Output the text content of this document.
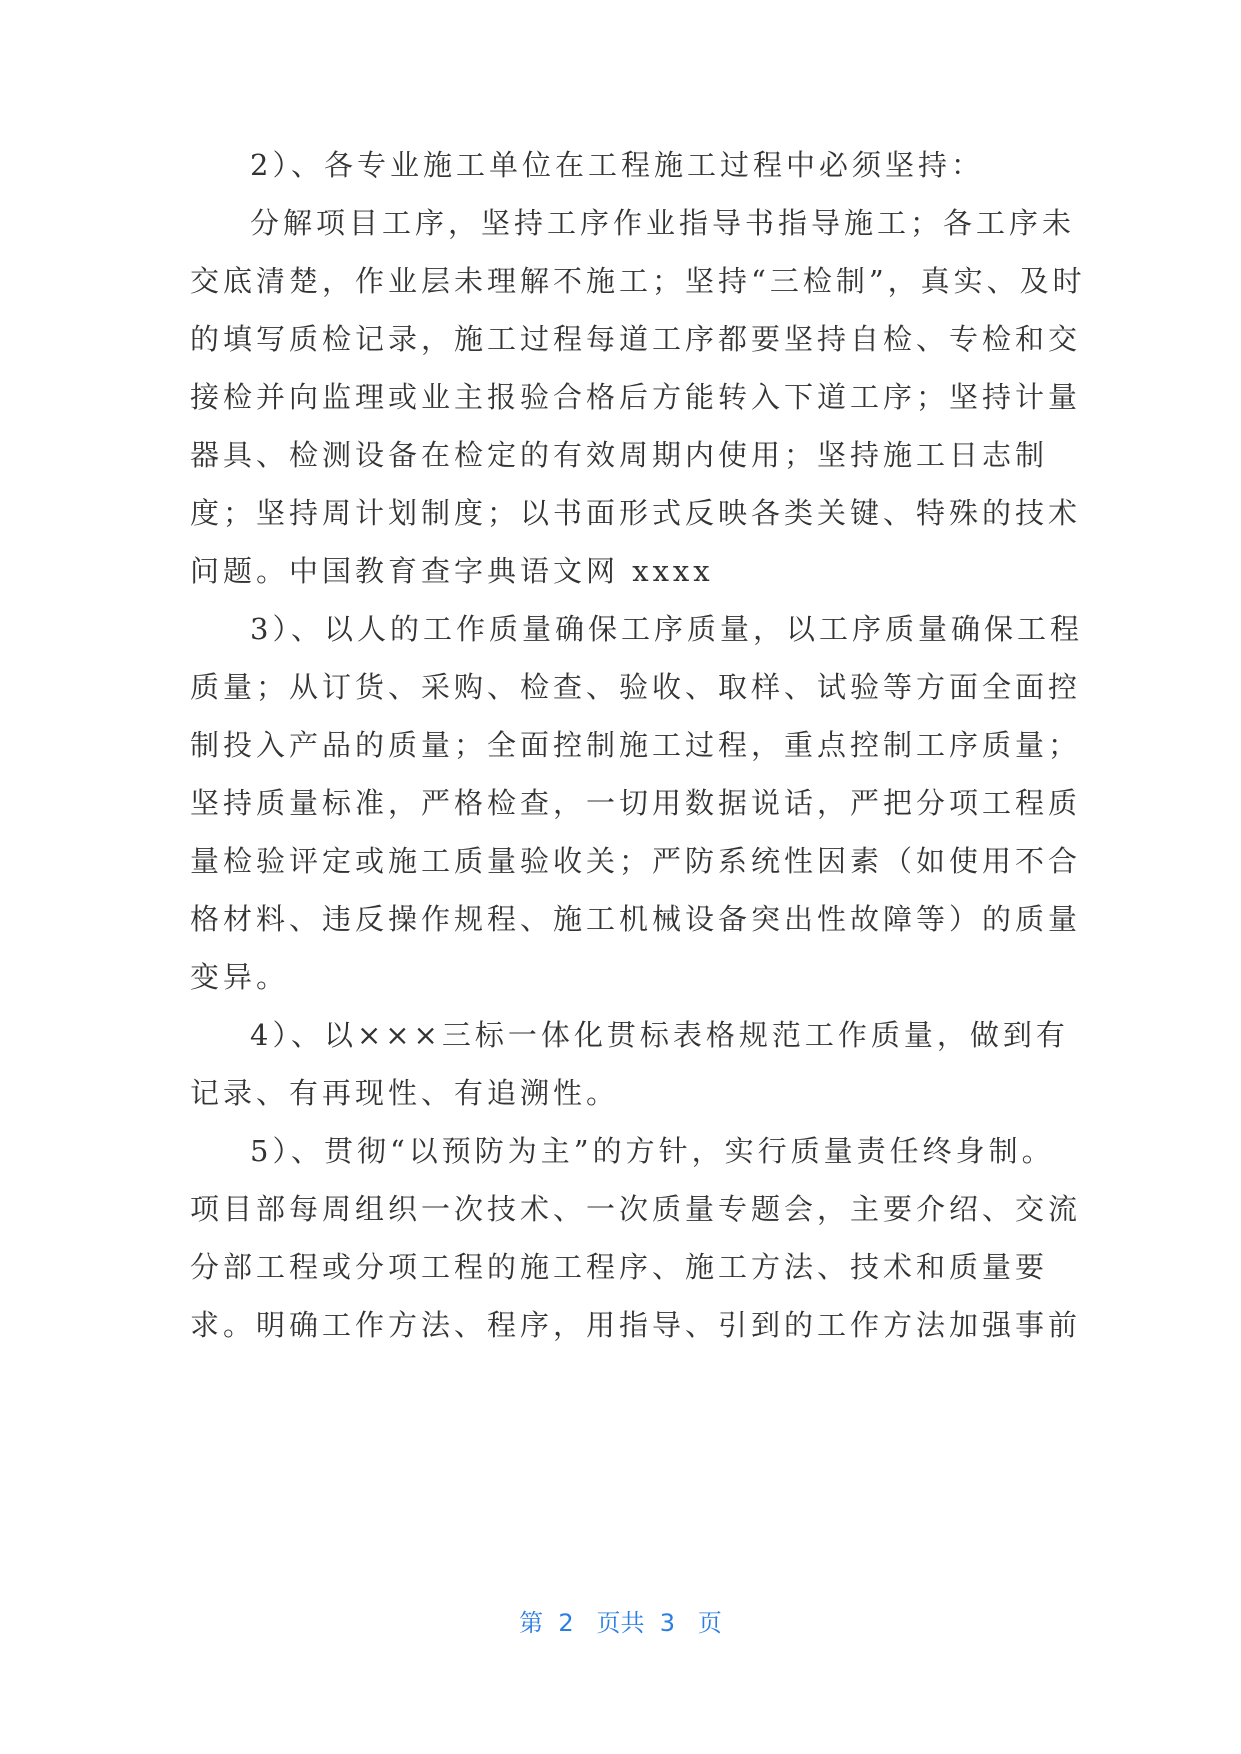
2）、各专业施工单位在工程施工过程中必须坚持：
分解项目工序，坚持工序作业指导书指导施工；各工序未
交底清楚，作业层未理解不施工；坚持“三检制”，真实、及时
的填写质检记录，施工过程每道工序都要坚持自检、专检和交
接检并向监理或业主报验合格后方能转入下道工序；坚持计量
器具、检测设备在检定的有效周期内使用；坚持施工日志制
度；坚持周计划制度；以书面形式反映各类关键、特殊的技术
问题。中国教育查字典语文网 xxxx
3）、以人的工作质量确保工序质量，以工序质量确保工程
质量；从订货、采购、检查、验收、取样、试验等方面全面控
制投入产品的质量；全面控制施工过程，重点控制工序质量；
坚持质量标准，严格检查，一切用数据说话，严把分项工程质
量检验评定或施工质量验收关；严防系统性因素（如使用不合
格材料、违反操作规程、施工机械设备突出性故障等）的质量
变异。
4）、以×××三标一体化贯标表格规范工作质量，做到有
记录、有再现性、有追溯性。
5）、贯彻“以预防为主”的方针，实行质量责任终身制。
项目部每周组织一次技术、一次质量专题会，主要介绍、交流
分部工程或分项工程的施工程序、施工方法、技术和质量要
求。明确工作方法、程序，用指导、引到的工作方法加强事前
第  2   页共  3   页
